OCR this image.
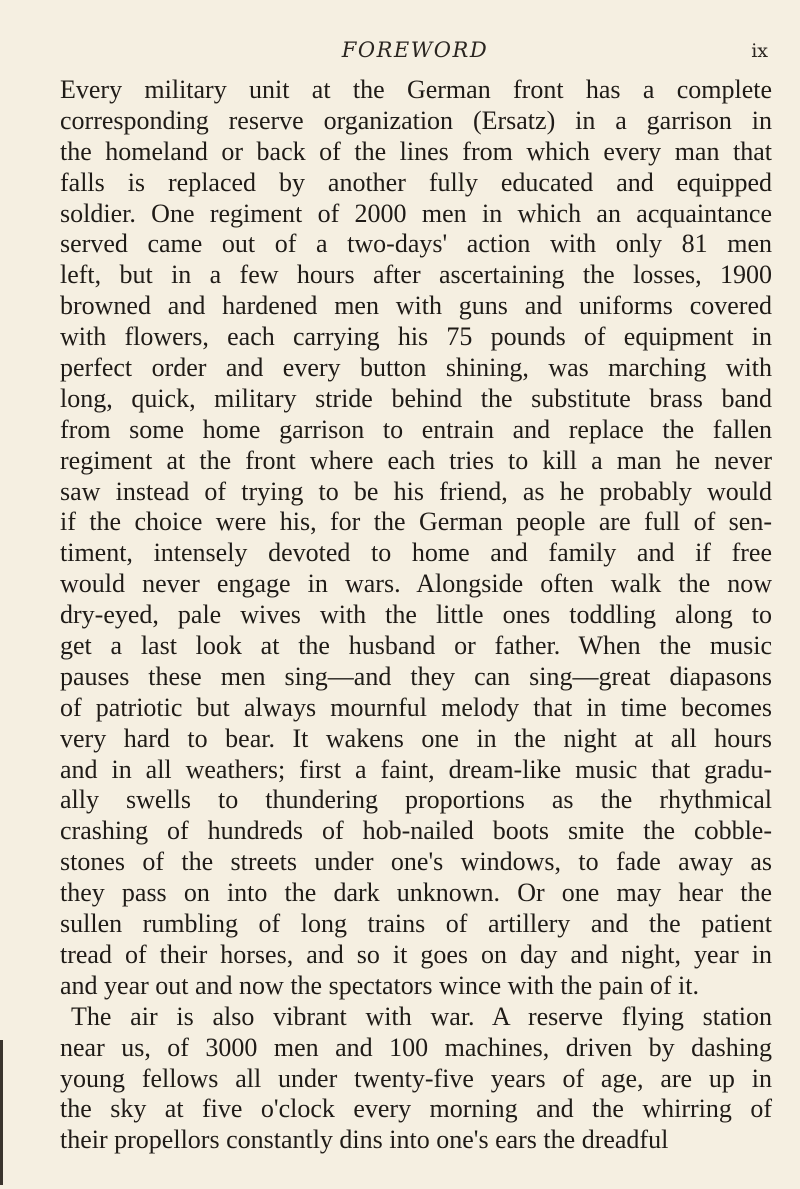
FOREWORD	ix
Every military unit at the German front has a complete
corresponding reserve organization (Ersatz) in a garrison in
the homeland or back of the lines from which every man that
falls is replaced by another fully educated and equipped
soldier. One regiment of 2000 men in which an acquaintance
served came out of a two-days' action with only 81 men
left, but in a few hours after ascertaining the losses, 1900
browned and hardened men with guns and uniforms covered
with flowers, each carrying his 75 pounds of equipment in
perfect order and every button shining, was marching with
long, quick, military stride behind the substitute brass band
from some home garrison to entrain and replace the fallen
regiment at the front where each tries to kill a man he never
saw instead of trying to be his friend, as he probably would
if the choice were his, for the German people are full of sen-
timent, intensely devoted to home and family and if free
would never engage in wars. Alongside often walk the now
dry-eyed, pale wives with the little ones toddling along to
get a last look at the husband or father. When the music
pauses these men sing—and they can sing—great diapasons
of patriotic but always mournful melody that in time becomes
very hard to bear. It wakens one in the night at all hours
and in all weathers; first a faint, dream-like music that gradu-
ally swells to thundering proportions as the rhythmical
crashing of hundreds of hob-nailed boots smite the cobble-
stones of the streets under one's windows, to fade away as
they pass on into the dark unknown. Or one may hear the
sullen rumbling of long trains of artillery and the patient
tread of their horses, and so it goes on day and night, year in
and year out and now the spectators wince with the pain of it.
The air is also vibrant with war. A reserve flying station
near us, of 3000 men and 100 machines, driven by dashing
young fellows all under twenty-five years of age, are up in
the sky at five o'clock every morning and the whirring of
their propellors constantly dins into one's ears the dreadful
